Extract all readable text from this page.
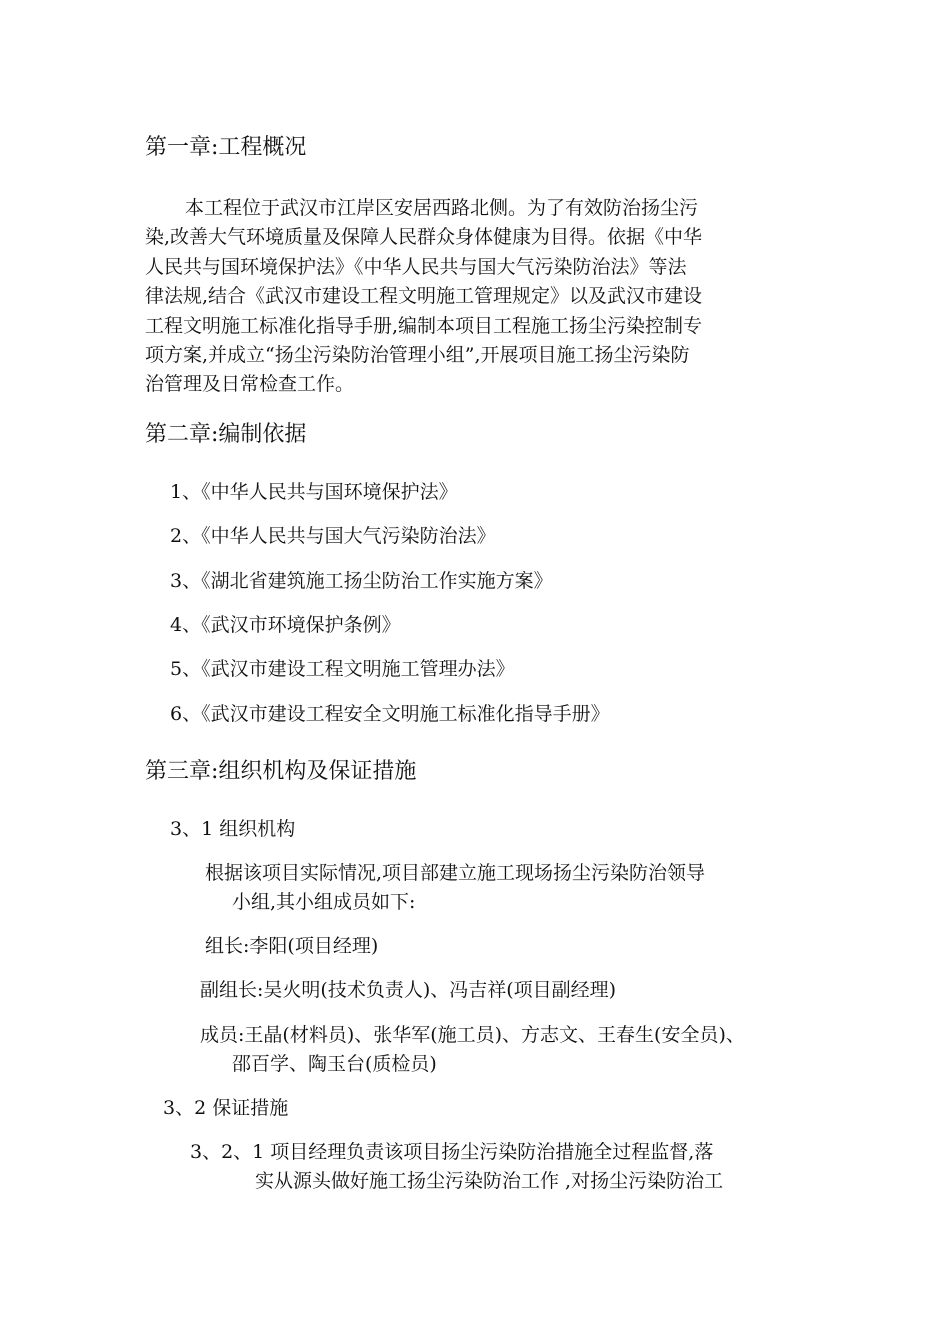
第一章:工程概况
本工程位于武汉市江岸区安居西路北侧。为了有效防治扬尘污
染,改善大气环境质量及保障人民群众身体健康为目得。依据《中华
人民共与国环境保护法》《中华人民共与国大气污染防治法》等法
律法规,结合《武汉市建设工程文明施工管理规定》以及武汉市建设
工程文明施工标准化指导手册,编制本项目工程施工扬尘污染控制专
项方案,并成立“扬尘污染防治管理小组”,开展项目施工扬尘污染防
治管理及日常检查工作。
第二章:编制依据
1、《中华人民共与国环境保护法》
2、《中华人民共与国大气污染防治法》
3、《湖北省建筑施工扬尘防治工作实施方案》
4、《武汉市环境保护条例》
5、《武汉市建设工程文明施工管理办法》
6、《武汉市建设工程安全文明施工标准化指导手册》
第三章:组织机构及保证措施
3、1 组织机构
根据该项目实际情况,项目部建立施工现场扬尘污染防治领导
小组,其小组成员如下:
组长:李阳(项目经理)
副组长:吴火明(技术负责人)、冯吉祥(项目副经理)
成员:王晶(材料员)、张华军(施工员)、方志文、王春生(安全员)、
邵百学、陶玉台(质检员)
3、2 保证措施
3、2、1 项目经理负责该项目扬尘污染防治措施全过程监督,落
实从源头做好施工扬尘污染防治工作 ,对扬尘污染防治工
